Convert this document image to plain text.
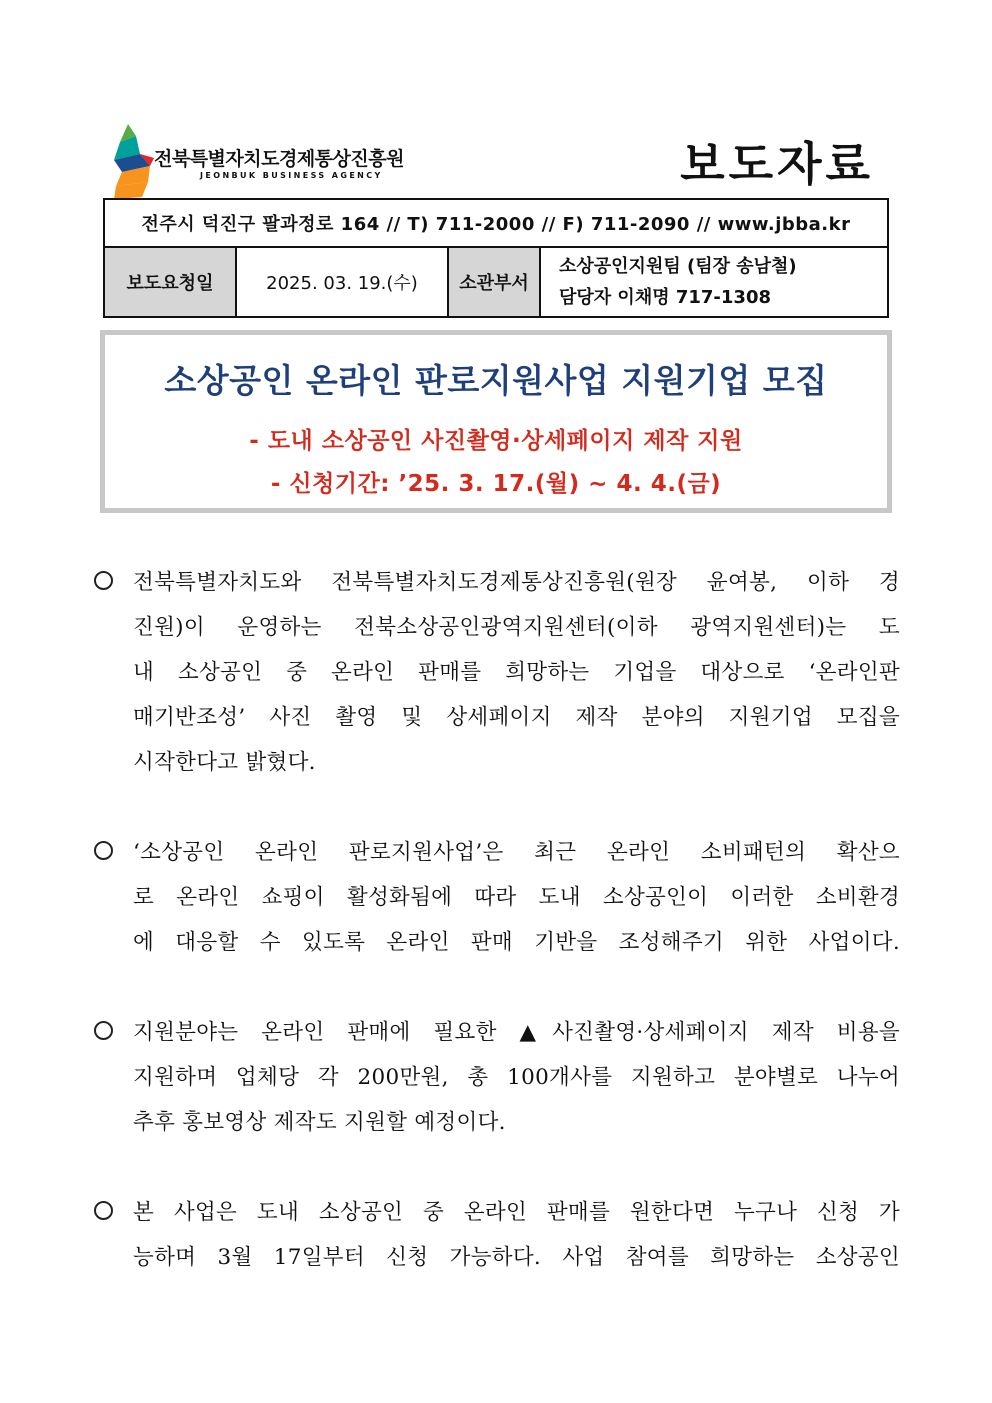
전북특별자치도경제통상진흥원
JEONBUK BUSINESS AGENCY	보도자료
전주시 덕진구 팔과정로 164 // T) 711-2000 // F) 711-2090 // www.jbba.kr
보도요청일	2025. 03. 19.(수)	소관부서	
소상공인지원팀 (팀장 송남철)
담당자 이채명 717-1308
소상공인 온라인 판로지원사업 지원기업 모집
- 도내 소상공인 사진촬영·상세페이지 제작 지원
- 신청기간: ’25. 3. 17.(월) ~ 4. 4.(금)
전북특별자치도와 전북특별자치도경제통상진흥원(원장 윤여봉, 이하 경
진원)이 운영하는 전북소상공인광역지원센터(이하 광역지원센터)는 도
내 소상공인 중 온라인 판매를 희망하는 기업을 대상으로 ‘온라인판
매기반조성’ 사진 촬영 및 상세페이지 제작 분야의 지원기업 모집을
시작한다고 밝혔다.
‘소상공인 온라인 판로지원사업’은 최근 온라인 소비패턴의 확산으
로 온라인 쇼핑이 활성화됨에 따라 도내 소상공인이 이러한 소비환경
에 대응할 수 있도록 온라인 판매 기반을 조성해주기 위한 사업이다.
지원분야는 온라인 판매에 필요한 ▲사진촬영·상세페이지 제작 비용을
지원하며 업체당 각 200만원, 총 100개사를 지원하고 분야별로 나누어
추후 홍보영상 제작도 지원할 예정이다.
본 사업은 도내 소상공인 중 온라인 판매를 원한다면 누구나 신청 가
능하며 3월 17일부터 신청 가능하다. 사업 참여를 희망하는 소상공인
